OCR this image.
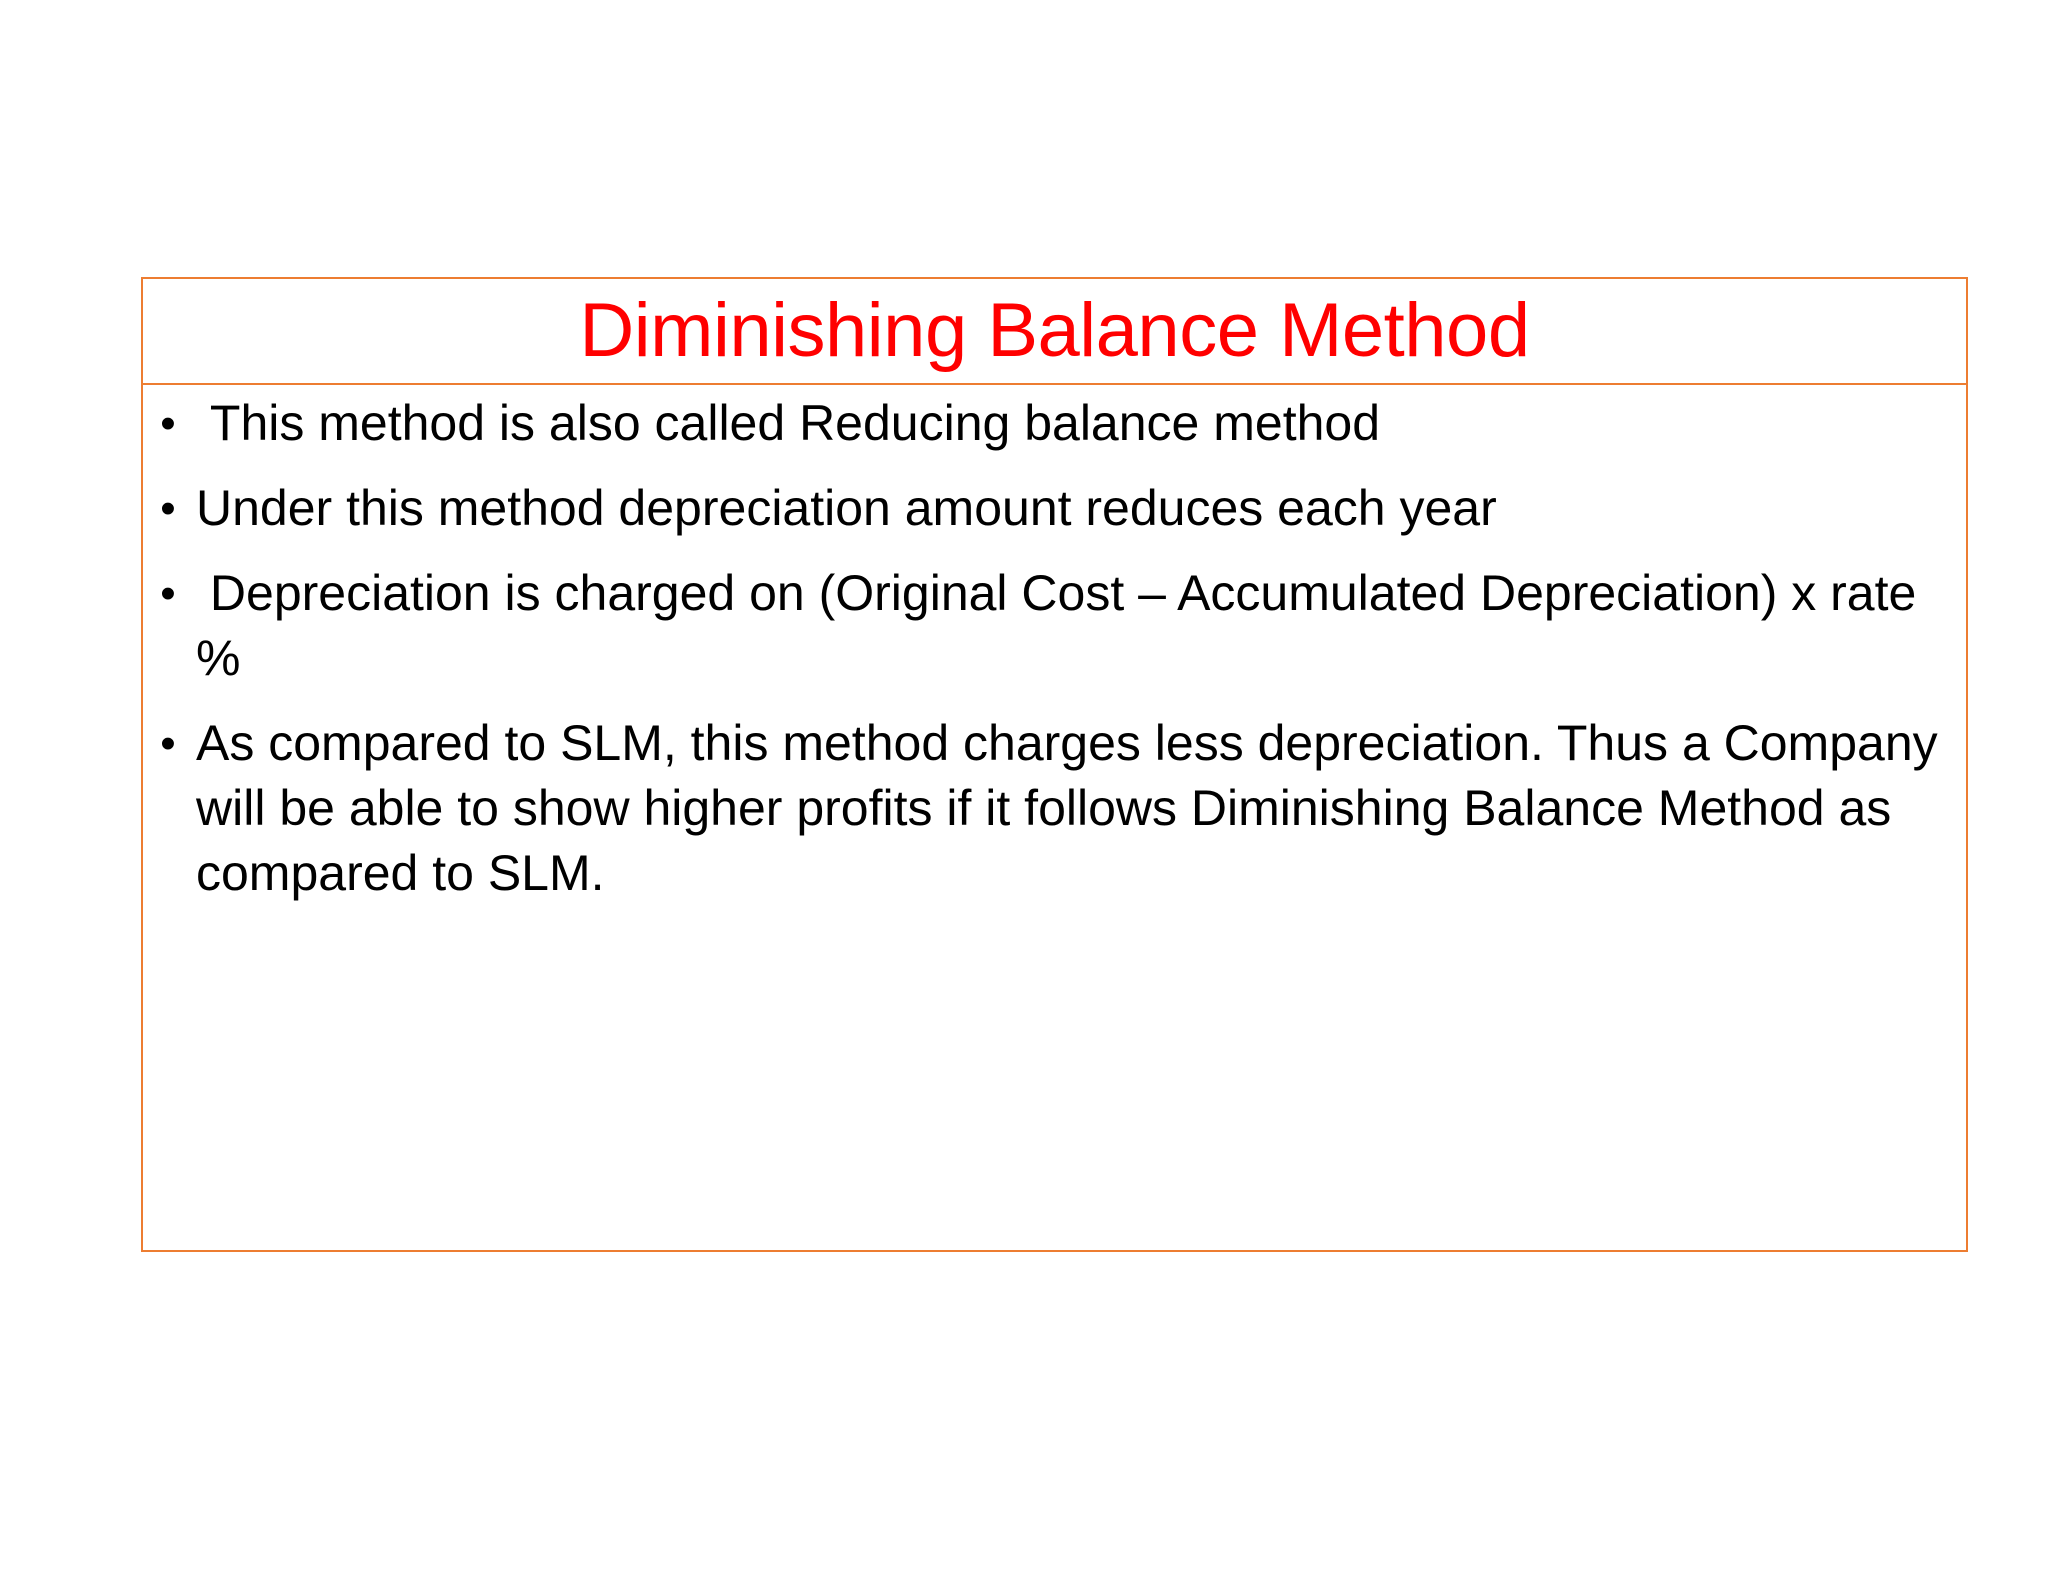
Diminishing Balance Method
• This method is also called Reducing balance method
• Under this method depreciation amount reduces each year
• Depreciation is charged on (Original Cost – Accumulated Depreciation) x rate %
• As compared to SLM, this method charges less depreciation. Thus a Company will be able to show higher profits if it follows Diminishing Balance Method as compared to SLM.
